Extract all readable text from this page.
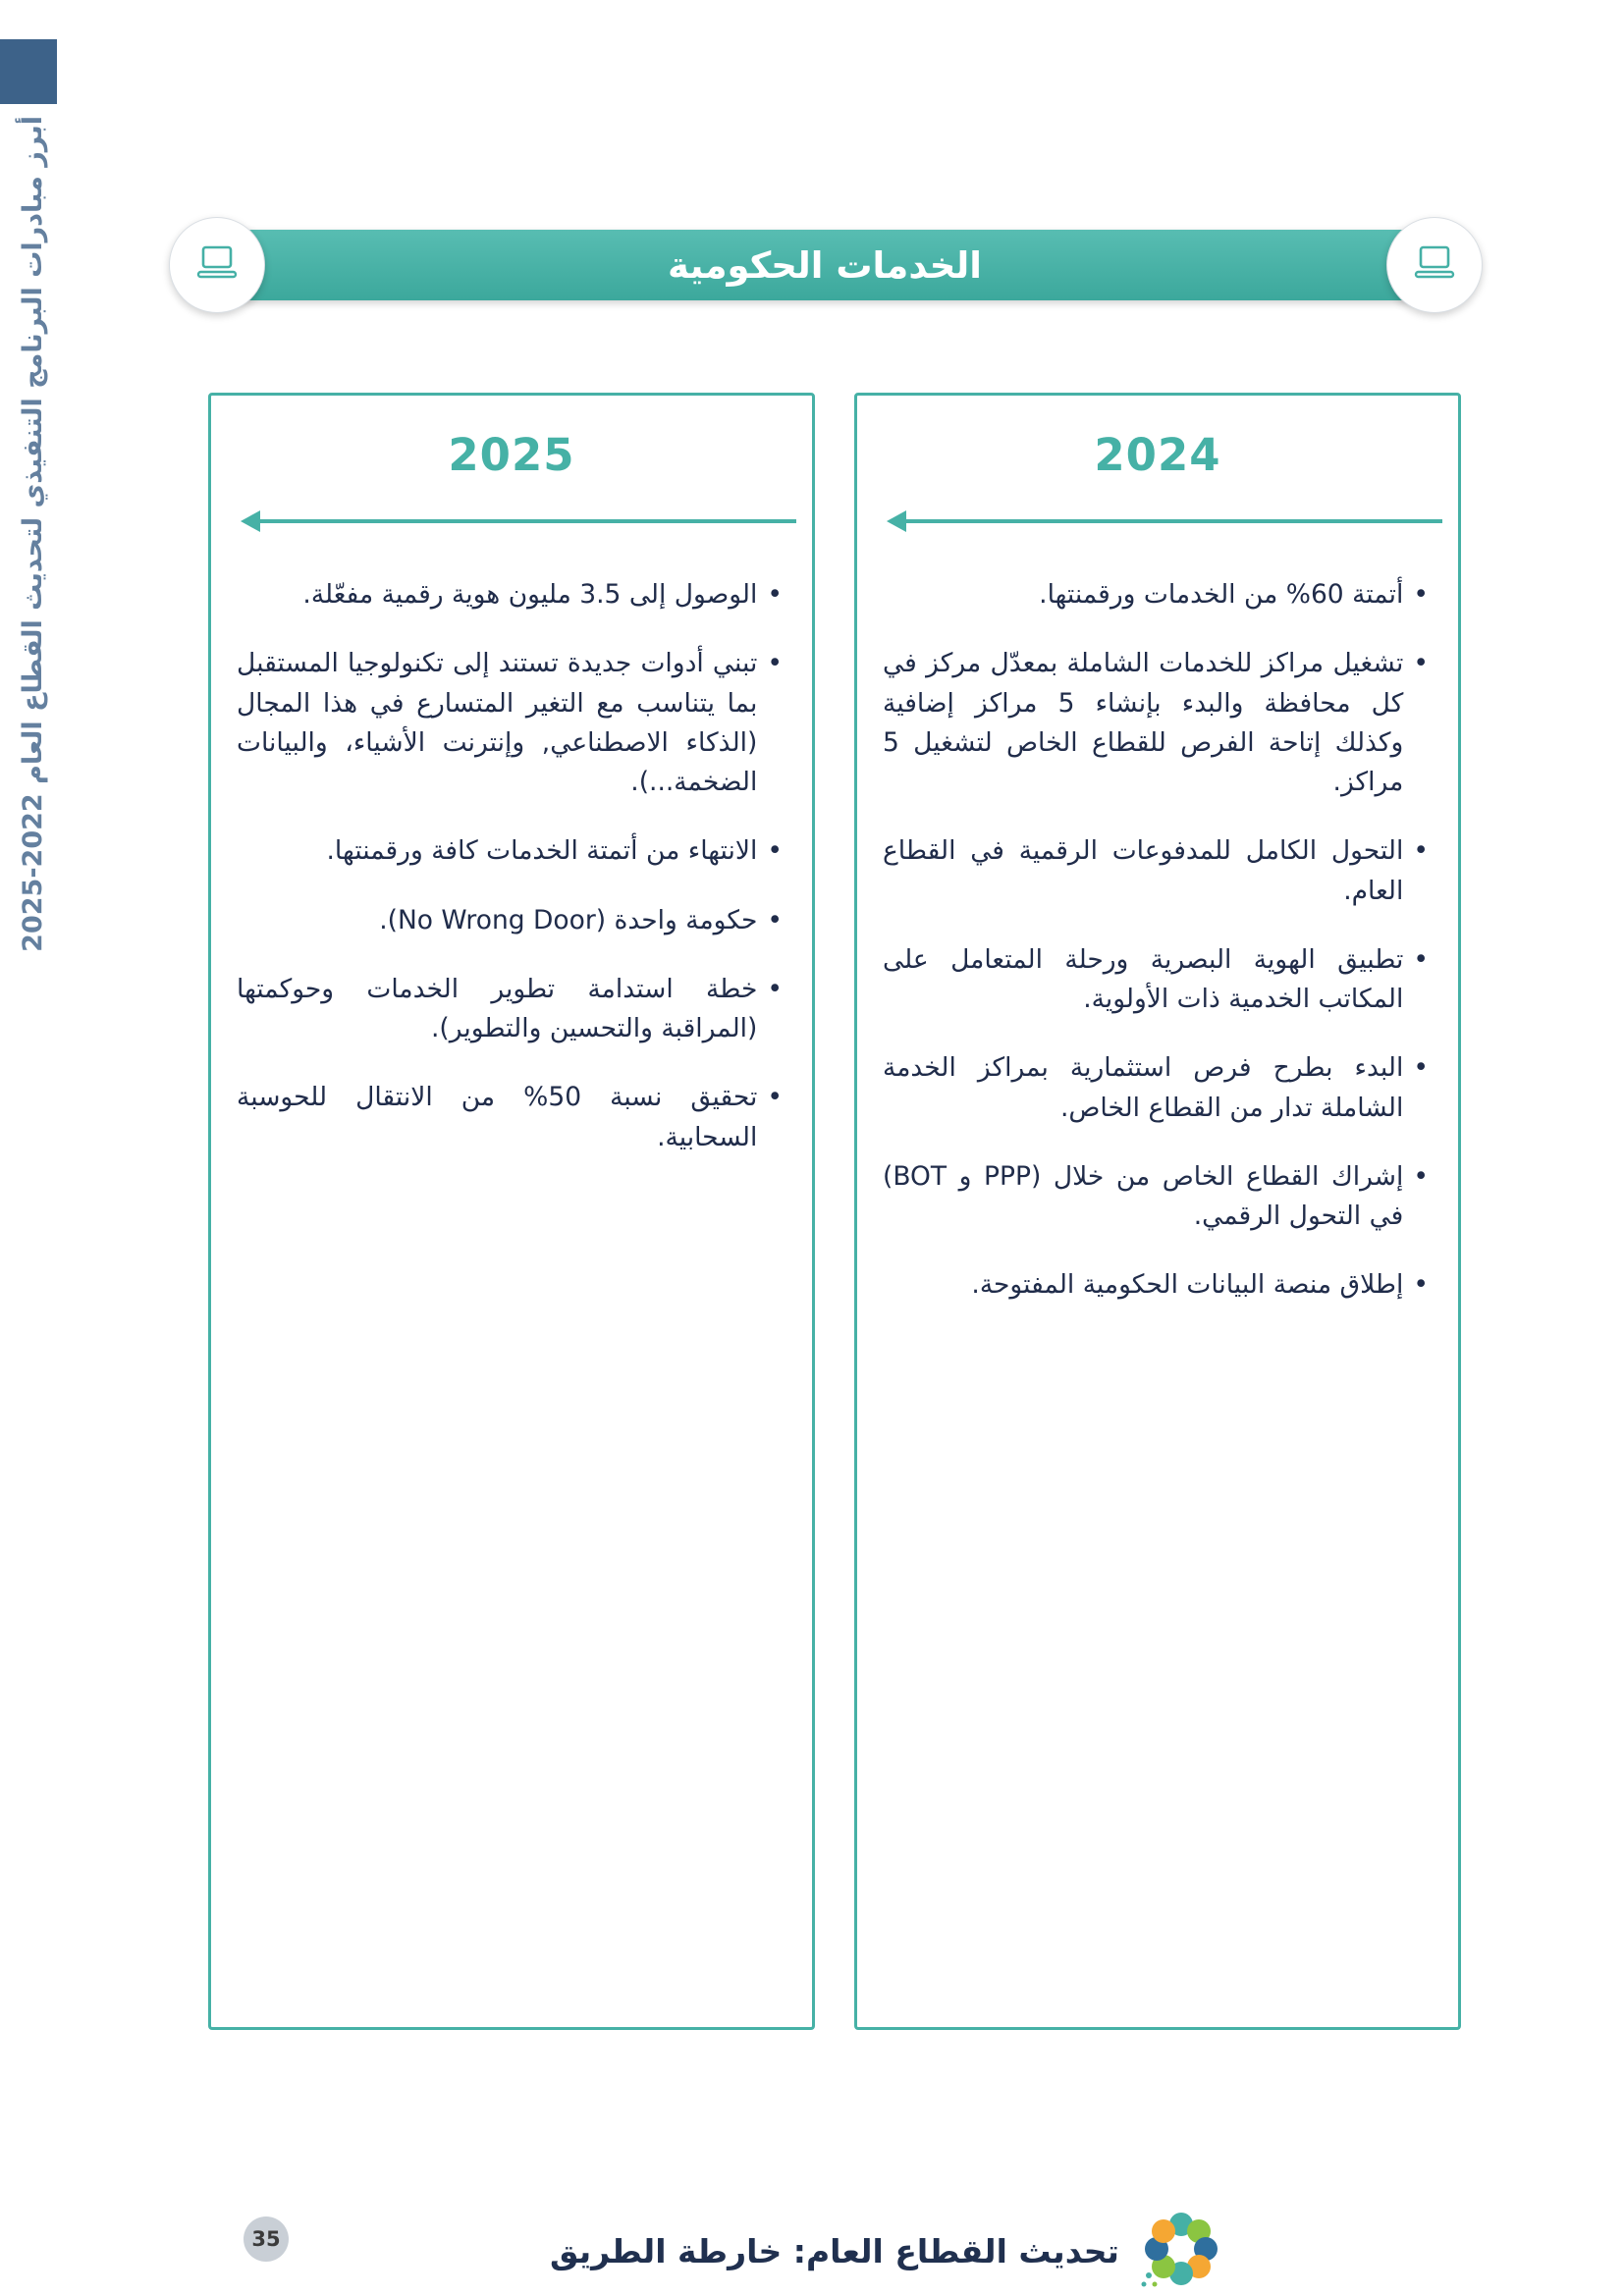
أبرز مبادرات البرنامج التنفيذي لتحديث القطاع العام 2022-2025	الخدمات الحكومية
2024
•
أتمتة 60% من الخدمات ورقمنتها.
•
تشغيل مراكز للخدمات الشاملة بمعدّل مركز في كل محافظة والبدء بإنشاء 5 مراكز إضافية وكذلك إتاحة الفرص للقطاع الخاص لتشغيل 5 مراكز.
•
التحول الكامل للمدفوعات الرقمية في القطاع العام.
•
تطبيق الهوية البصرية ورحلة المتعامل على المكاتب الخدمية ذات الأولوية.
•
البدء بطرح فرص استثمارية بمراكز الخدمة الشاملة تدار من القطاع الخاص.
•
إشراك القطاع الخاص من خلال (PPP و BOT) في التحول الرقمي.
•
إطلاق منصة البيانات الحكومية المفتوحة.
2025
•
الوصول إلى 3.5 مليون هوية رقمية مفعّلة.
•
تبني أدوات جديدة تستند إلى تكنولوجيا المستقبل بما يتناسب مع التغير المتسارع في هذا المجال (الذكاء الاصطناعي, وإنترنت الأشياء، والبيانات الضخمة...).
•
الانتهاء من أتمتة الخدمات كافة ورقمنتها.
•
حكومة واحدة (No Wrong Door).
•
خطة استدامة تطوير الخدمات وحوكمتها (المراقبة والتحسين والتطوير).
•
تحقيق نسبة 50% من الانتقال للحوسبة السحابية.
35	تحديث القطاع العام: خارطة الطريق
